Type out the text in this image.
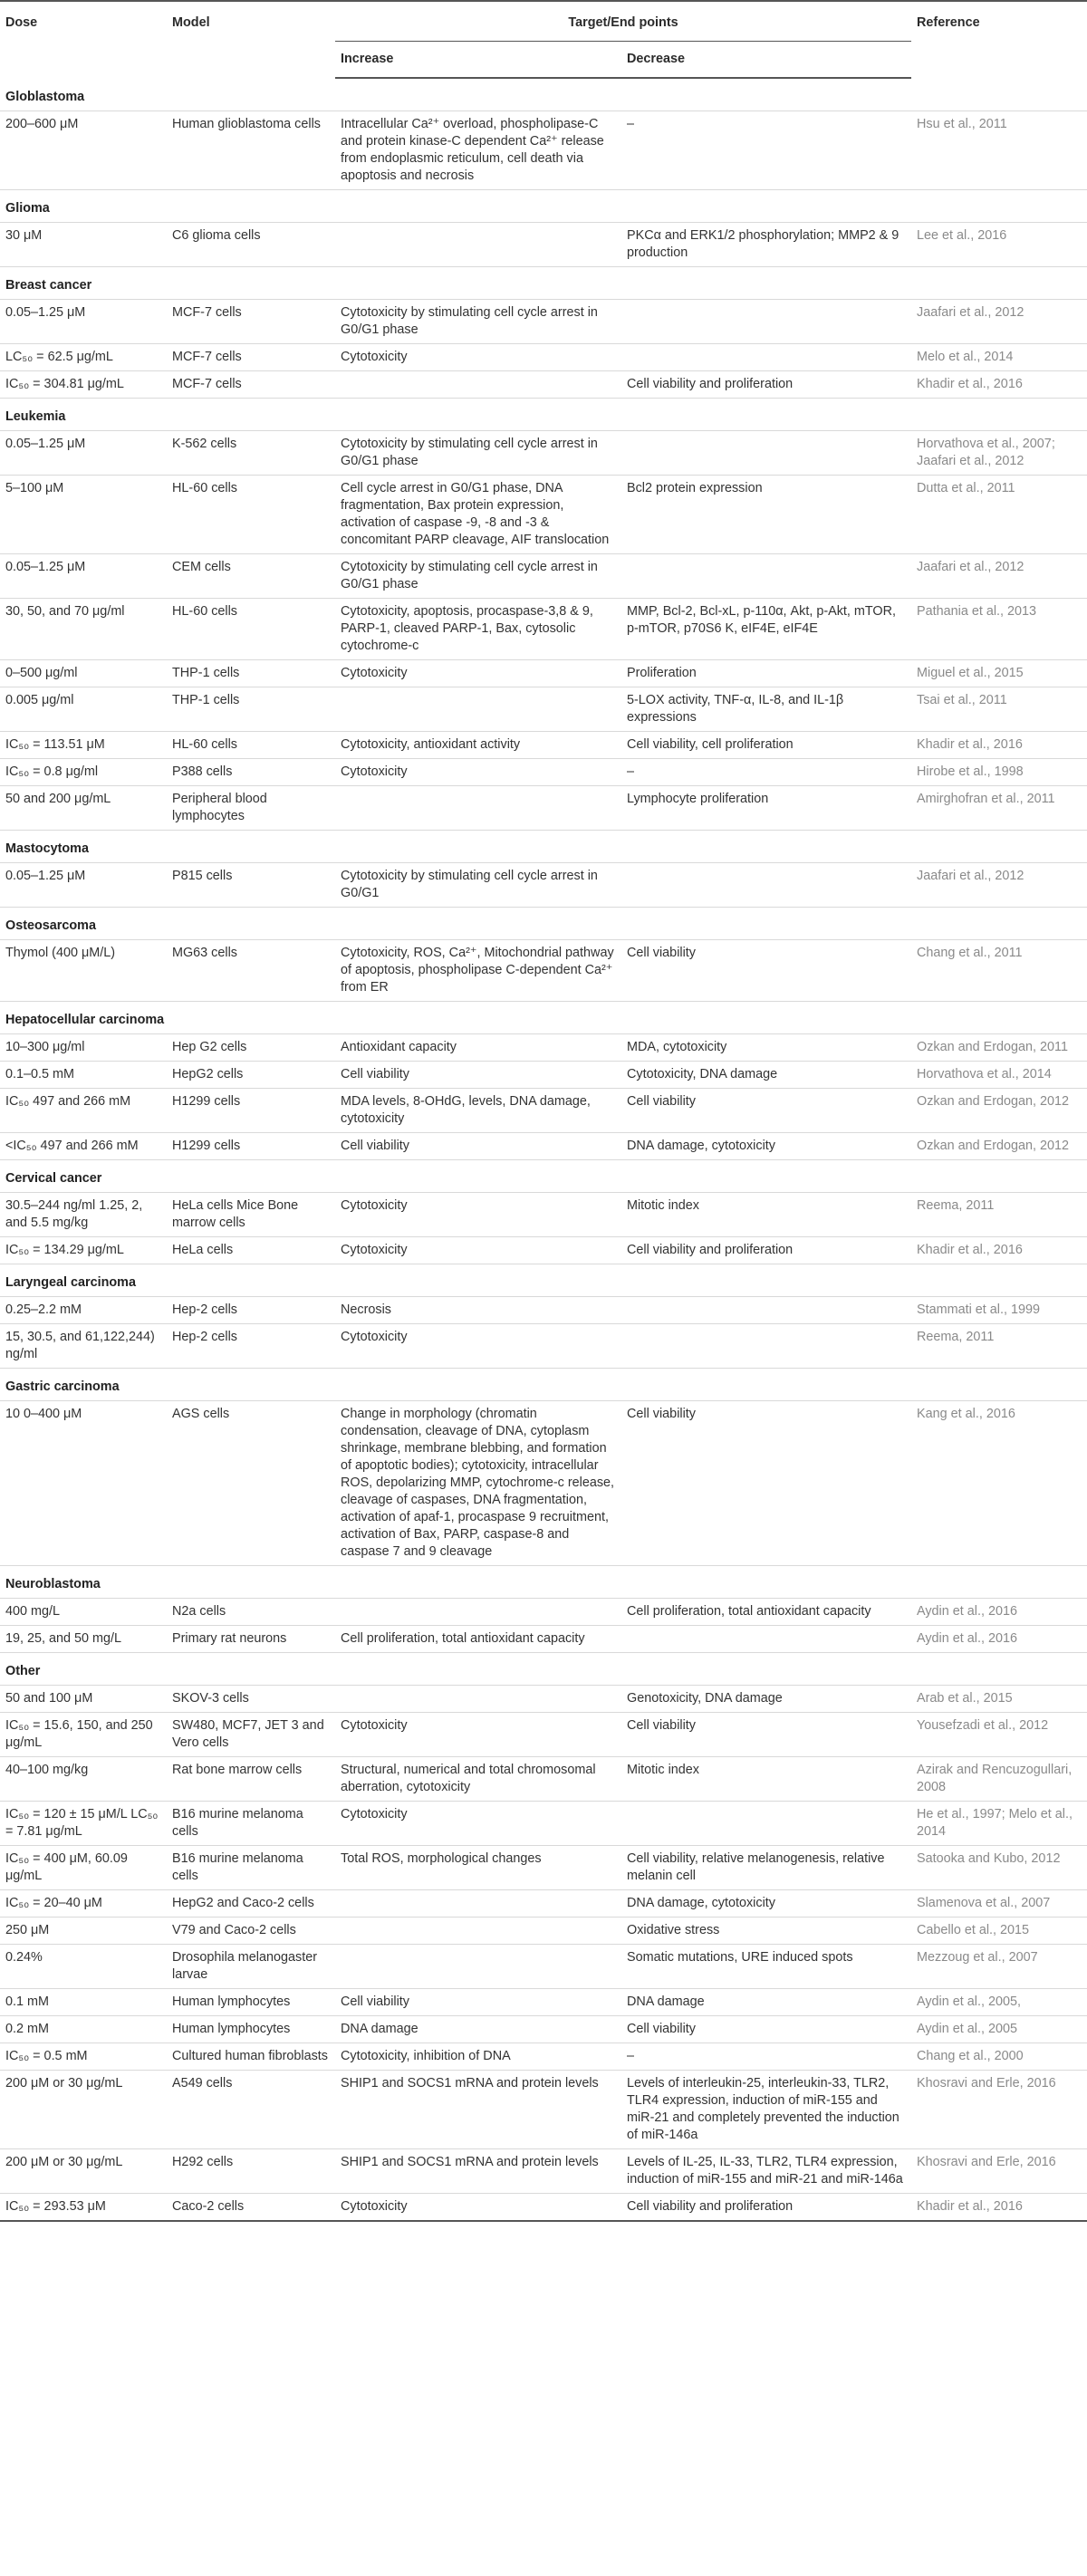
Dose	Model	Target/End points		Reference
		Increase	Decrease	
Globlastoma				
200–600 μM	Human glioblastoma cells	Intracellular Ca²⁺ overload, phospholipase-C and protein kinase-C dependent Ca²⁺ release from endoplasmic reticulum, cell death via apoptosis and necrosis	–	Hsu et al., 2011
Glioma				
30 μM	C6 glioma cells		PKCα and ERK1/2 phosphorylation; MMP2 & 9 production	Lee et al., 2016
Breast cancer				
0.05–1.25 μM	MCF-7 cells	Cytotoxicity by stimulating cell cycle arrest in G0/G1 phase		Jaafari et al., 2012
LC₅₀ = 62.5 μg/mL	MCF-7 cells	Cytotoxicity		Melo et al., 2014
IC₅₀ = 304.81 μg/mL	MCF-7 cells		Cell viability and proliferation	Khadir et al., 2016
Leukemia				
0.05–1.25 μM	K-562 cells	Cytotoxicity by stimulating cell cycle arrest in G0/G1 phase		Horvathova et al., 2007; Jaafari et al., 2012
5–100 μM	HL-60 cells	Cell cycle arrest in G0/G1 phase, DNA fragmentation, Bax protein expression, activation of caspase -9, -8 and -3 & concomitant PARP cleavage, AIF translocation	Bcl2 protein expression	Dutta et al., 2011
0.05–1.25 μM	CEM cells	Cytotoxicity by stimulating cell cycle arrest in G0/G1 phase		Jaafari et al., 2012
30, 50, and 70 μg/ml	HL-60 cells	Cytotoxicity, apoptosis, procaspase-3,8 & 9, PARP-1, cleaved PARP-1, Bax, cytosolic cytochrome-c	MMP, Bcl-2, Bcl-xL, p-110α, Akt, p-Akt, mTOR, p-mTOR, p70S6 K, eIF4E, eIF4E	Pathania et al., 2013
0–500 μg/ml	THP-1 cells	Cytotoxicity	Proliferation	Miguel et al., 2015
0.005 μg/ml	THP-1 cells		5-LOX activity, TNF-α, IL-8, and IL-1β expressions	Tsai et al., 2011
IC₅₀ = 113.51 μM	HL-60 cells	Cytotoxicity, antioxidant activity	Cell viability, cell proliferation	Khadir et al., 2016
IC₅₀ = 0.8 μg/ml	P388 cells	Cytotoxicity	–	Hirobe et al., 1998
50 and 200 μg/mL	Peripheral blood lymphocytes		Lymphocyte proliferation	Amirghofran et al., 2011
Mastocytoma				
0.05–1.25 μM	P815 cells	Cytotoxicity by stimulating cell cycle arrest in G0/G1		Jaafari et al., 2012
Osteosarcoma				
Thymol (400 μM/L)	MG63 cells	Cytotoxicity, ROS, Ca²⁺, Mitochondrial pathway of apoptosis, phospholipase C-dependent Ca²⁺ from ER	Cell viability	Chang et al., 2011
Hepatocellular carcinoma				
10–300 μg/ml	Hep G2 cells	Antioxidant capacity	MDA, cytotoxicity	Ozkan and Erdogan, 2011
0.1–0.5 mM	HepG2 cells	Cell viability	Cytotoxicity, DNA damage	Horvathova et al., 2014
IC₅₀ 497 and 266 mM	H1299 cells	MDA levels, 8-OHdG, levels, DNA damage, cytotoxicity	Cell viability	Ozkan and Erdogan, 2012
<IC₅₀ 497 and 266 mM	H1299 cells	Cell viability	DNA damage, cytotoxicity	Ozkan and Erdogan, 2012
Cervical cancer				
30.5–244 ng/ml 1.25, 2, and 5.5 mg/kg	HeLa cells Mice Bone marrow cells	Cytotoxicity	Mitotic index	Reema, 2011
IC₅₀ = 134.29 μg/mL	HeLa cells	Cytotoxicity	Cell viability and proliferation	Khadir et al., 2016
Laryngeal carcinoma				
0.25–2.2 mM	Hep-2 cells	Necrosis		Stammati et al., 1999
15, 30.5, and 61,122,244) ng/ml	Hep-2 cells	Cytotoxicity		Reema, 2011
Gastric carcinoma				
10 0–400 μM	AGS cells	Change in morphology (chromatin condensation, cleavage of DNA, cytoplasm shrinkage, membrane blebbing, and formation of apoptotic bodies); cytotoxicity, intracellular ROS, depolarizing MMP, cytochrome-c release, cleavage of caspases, DNA fragmentation, activation of apaf-1, procaspase 9 recruitment, activation of Bax, PARP, caspase-8 and caspase 7 and 9 cleavage	Cell viability	Kang et al., 2016
Neuroblastoma				
400 mg/L	N2a cells		Cell proliferation, total antioxidant capacity	Aydin et al., 2016
19, 25, and 50 mg/L	Primary rat neurons	Cell proliferation, total antioxidant capacity		Aydin et al., 2016
Other				
50 and 100 μM	SKOV-3 cells		Genotoxicity, DNA damage	Arab et al., 2015
IC₅₀ = 15.6, 150, and 250 μg/mL	SW480, MCF7, JET 3 and Vero cells	Cytotoxicity	Cell viability	Yousefzadi et al., 2012
40–100 mg/kg	Rat bone marrow cells	Structural, numerical and total chromosomal aberration, cytotoxicity	Mitotic index	Azirak and Rencuzogullari, 2008
IC₅₀ = 120 ± 15 μM/L LC₅₀ = 7.81 μg/mL	B16 murine melanoma cells	Cytotoxicity		He et al., 1997; Melo et al., 2014
IC₅₀ = 400 μM, 60.09 μg/mL	B16 murine melanoma cells	Total ROS, morphological changes	Cell viability, relative melanogenesis, relative melanin cell	Satooka and Kubo, 2012
IC₅₀ = 20–40 μM	HepG2 and Caco-2 cells		DNA damage, cytotoxicity	Slamenova et al., 2007
250 μM	V79 and Caco-2 cells		Oxidative stress	Cabello et al., 2015
0.24%	Drosophila melanogaster larvae		Somatic mutations, URE induced spots	Mezzoug et al., 2007
0.1 mM	Human lymphocytes	Cell viability	DNA damage	Aydin et al., 2005,
0.2 mM	Human lymphocytes	DNA damage	Cell viability	Aydin et al., 2005
IC₅₀ = 0.5 mM	Cultured human fibroblasts	Cytotoxicity, inhibition of DNA	–	Chang et al., 2000
200 μM or 30 μg/mL	A549 cells	SHIP1 and SOCS1 mRNA and protein levels	Levels of interleukin-25, interleukin-33, TLR2, TLR4 expression, induction of miR-155 and miR-21 and completely prevented the induction of miR-146a	Khosravi and Erle, 2016
200 μM or 30 μg/mL	H292 cells	SHIP1 and SOCS1 mRNA and protein levels	Levels of IL-25, IL-33, TLR2, TLR4 expression, induction of miR-155 and miR-21 and miR-146a	Khosravi and Erle, 2016
IC₅₀ = 293.53 μM	Caco-2 cells	Cytotoxicity	Cell viability and proliferation	Khadir et al., 2016
